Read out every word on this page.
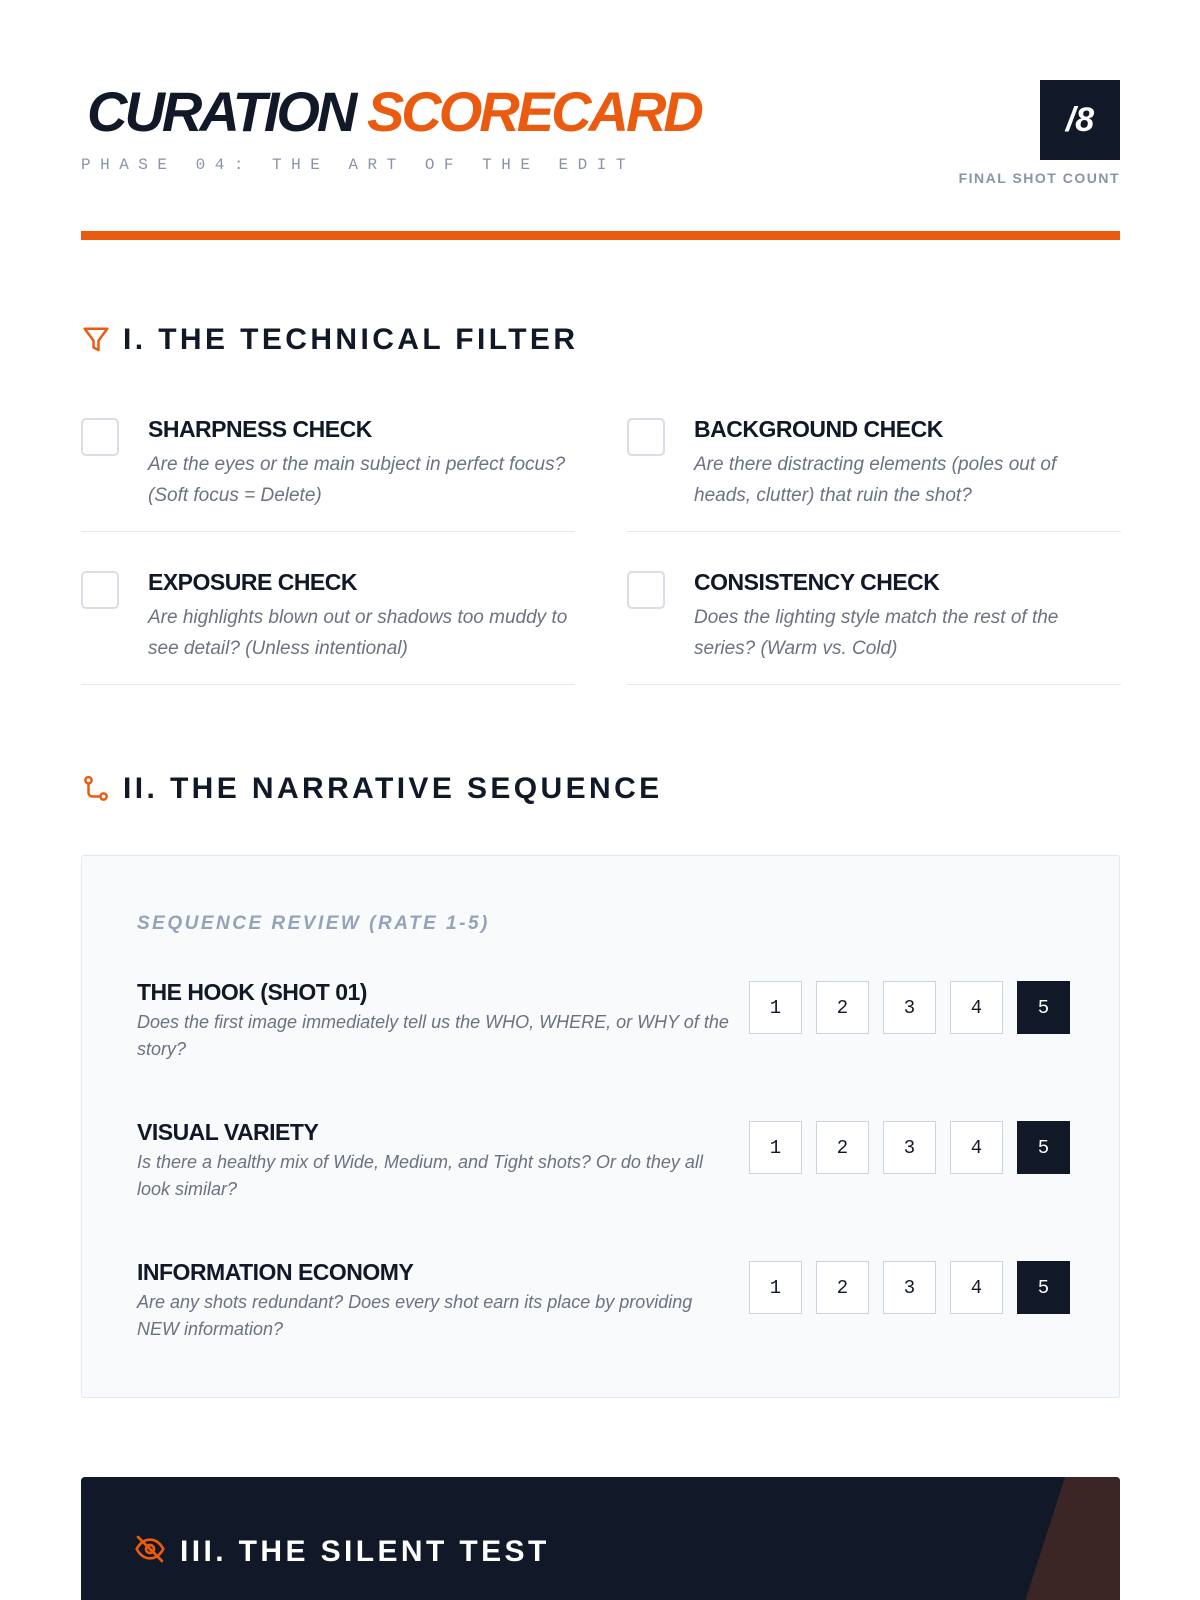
CURATION SCORECARD
PHASE 04: THE ART OF THE EDIT
/8
FINAL SHOT COUNT
I. THE TECHNICAL FILTER
SHARPNESS CHECK
Are the eyes or the main subject in perfect focus? (Soft focus = Delete)
BACKGROUND CHECK
Are there distracting elements (poles out of heads, clutter) that ruin the shot?
EXPOSURE CHECK
Are highlights blown out or shadows too muddy to see detail? (Unless intentional)
CONSISTENCY CHECK
Does the lighting style match the rest of the series? (Warm vs. Cold)
II. THE NARRATIVE SEQUENCE
SEQUENCE REVIEW (RATE 1-5)
THE HOOK (SHOT 01)
Does the first image immediately tell us the WHO, WHERE, or WHY of the story?
1	2	3	4	5
VISUAL VARIETY
Is there a healthy mix of Wide, Medium, and Tight shots? Or do they all look similar?
1	2	3	4	5
INFORMATION ECONOMY
Are any shots redundant? Does every shot earn its place by providing NEW information?
1	2	3	4	5
III. THE SILENT TEST
